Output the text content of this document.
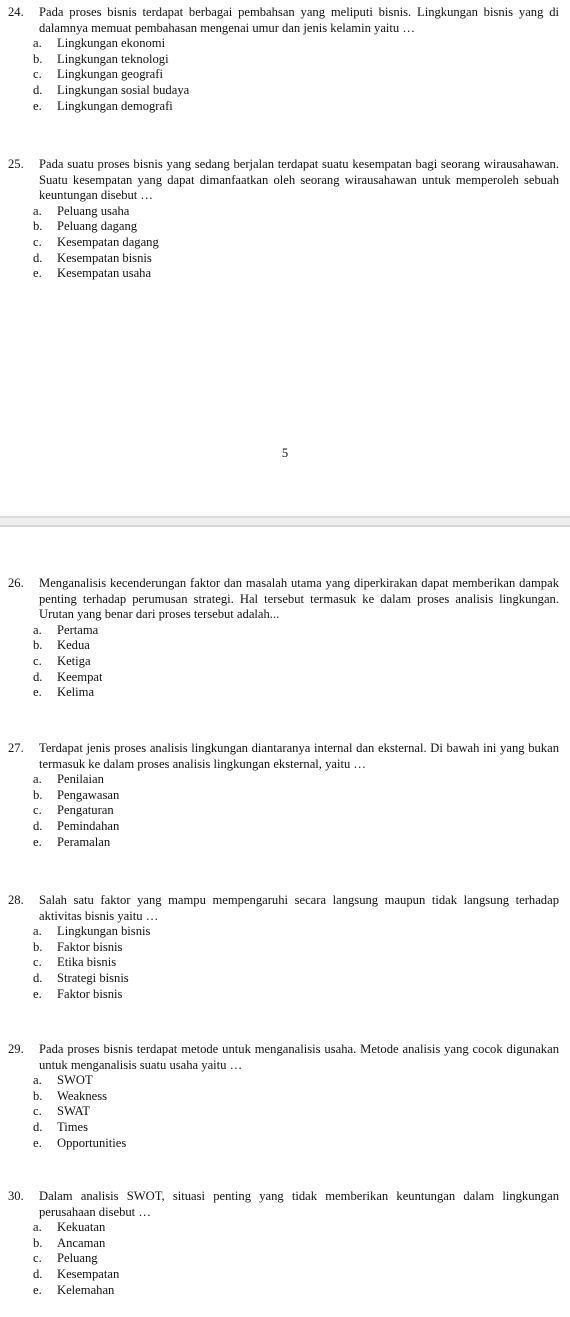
24.	Pada proses bisnis terdapat berbagai pembahsan yang meliputi bisnis. Lingkungan bisnis yang di dalamnya memuat pembahasan mengenai umur dan jenis kelamin yaitu …
a.	Lingkungan ekonomi
b.	Lingkungan teknologi
c.	Lingkungan geografi
d.	Lingkungan sosial budaya
e.	Lingkungan demografi
25.	Pada suatu proses bisnis yang sedang berjalan terdapat suatu kesempatan bagi seorang wirausahawan. Suatu kesempatan yang dapat dimanfaatkan oleh seorang wirausahawan untuk memperoleh sebuah keuntungan disebut …
a.	Peluang usaha
b.	Peluang dagang
c.	Kesempatan dagang
d.	Kesempatan bisnis
e.	Kesempatan usaha
5
26.	Menganalisis kecenderungan faktor dan masalah utama yang diperkirakan dapat memberikan dampak penting terhadap perumusan strategi. Hal tersebut termasuk ke dalam proses analisis lingkungan. Urutan yang benar dari proses tersebut adalah...
a.	Pertama
b.	Kedua
c.	Ketiga
d.	Keempat
e.	Kelima
27.	Terdapat jenis proses analisis lingkungan diantaranya internal dan eksternal. Di bawah ini yang bukan termasuk ke dalam proses analisis lingkungan eksternal, yaitu …
a.	Penilaian
b.	Pengawasan
c.	Pengaturan
d.	Pemindahan
e.	Peramalan
28.	Salah satu faktor yang mampu mempengaruhi secara langsung maupun tidak langsung terhadap aktivitas bisnis yaitu …
a.	Lingkungan bisnis
b.	Faktor bisnis
c.	Etika bisnis
d.	Strategi bisnis
e.	Faktor bisnis
29.	Pada proses bisnis terdapat metode untuk menganalisis usaha. Metode analisis yang cocok digunakan untuk menganalisis suatu usaha yaitu …
a.	SWOT
b.	Weakness
c.	SWAT
d.	Times
e.	Opportunities
30.	Dalam analisis SWOT, situasi penting yang tidak memberikan keuntungan dalam lingkungan perusahaan disebut …
a.	Kekuatan
b.	Ancaman
c.	Peluang
d.	Kesempatan
e.	Kelemahan
